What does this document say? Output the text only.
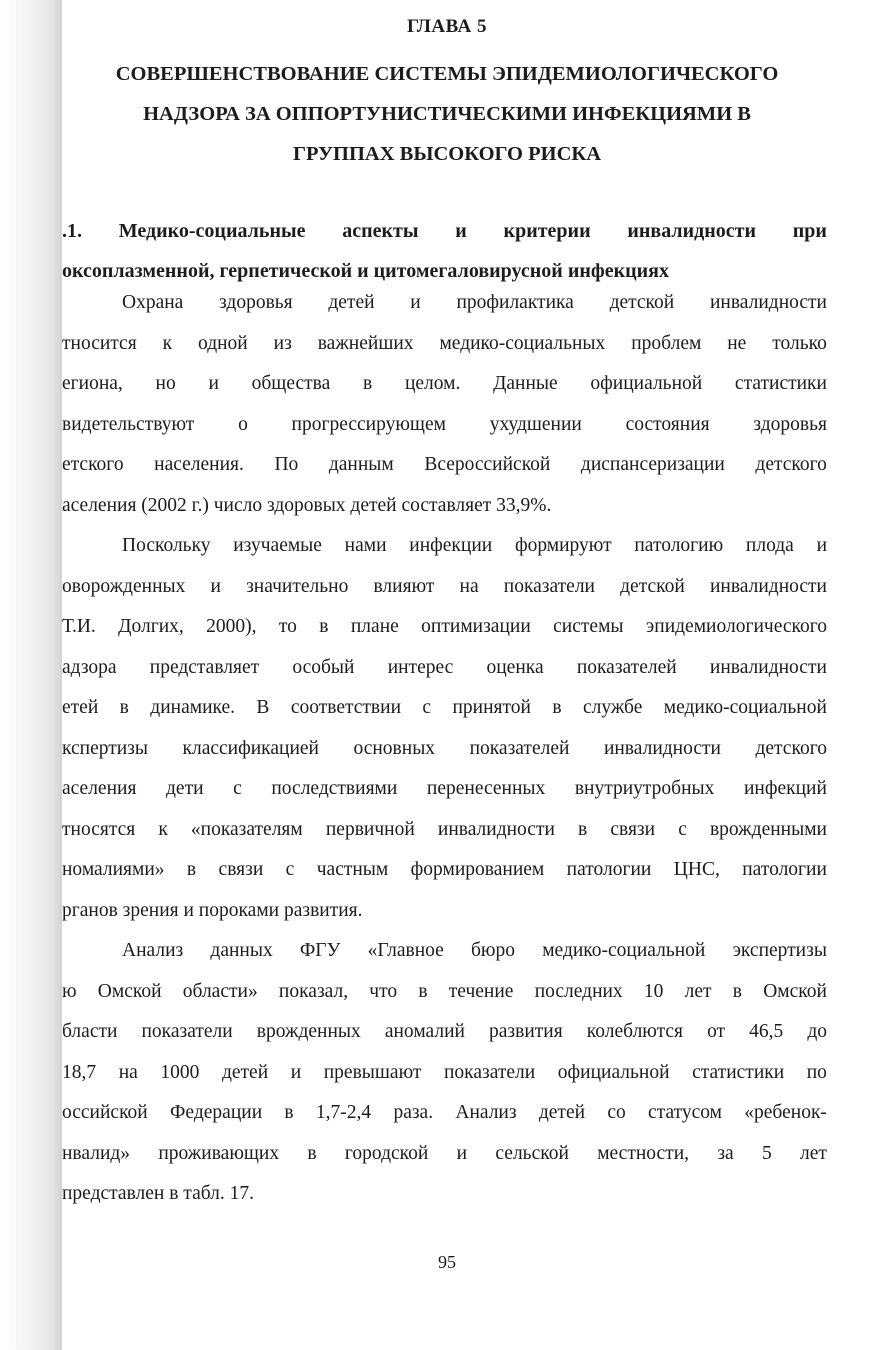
ГЛАВА 5
СОВЕРШЕНСТВОВАНИЕ СИСТЕМЫ ЭПИДЕМИОЛОГИЧЕСКОГО
НАДЗОРА ЗА ОППОРТУНИСТИЧЕСКИМИ ИНФЕКЦИЯМИ В
ГРУППАХ ВЫСОКОГО РИСКА
.1. Медико-социальные аспекты и критерии инвалидности при
оксоплазменной, герпетической и цитомегаловирусной инфекциях
Охрана здоровья детей и профилактика детской инвалидности
тносится к одной из важнейших медико-социальных проблем не только
егиона, но и общества в целом. Данные официальной статистики
видетельствуют о прогрессирующем ухудшении состояния здоровья
етского населения. По данным Всероссийской диспансеризации детского
аселения (2002 г.) число здоровых детей составляет 33,9%.
Поскольку изучаемые нами инфекции формируют патологию плода и
оворожденных и значительно влияют на показатели детской инвалидности
Т.И. Долгих, 2000), то в плане оптимизации системы эпидемиологического
адзора представляет особый интерес оценка показателей инвалидности
етей в динамике. В соответствии с принятой в службе медико-социальной
кспертизы классификацией основных показателей инвалидности детского
аселения дети с последствиями перенесенных внутриутробных инфекций
тносятся к «показателям первичной инвалидности в связи с врожденными
номалиями» в связи с частным формированием патологии ЦНС, патологии
ргaнов зрения и пороками развития.
Анализ данных ФГУ «Главное бюро медико-социальной экспертизы
ю Омской области» показал, что в течение последних 10 лет в Омской
бласти показатели врожденных аномалий развития колеблются от 46,5 до
18,7 на 1000 детей и превышают показатели официальной статистики по
оссийской Федерации в 1,7-2,4 раза. Анализ детей со статусом «ребенок-
нвалид» проживающих в городской и сельской местности, за 5 лет
представлен в табл. 17.
95
